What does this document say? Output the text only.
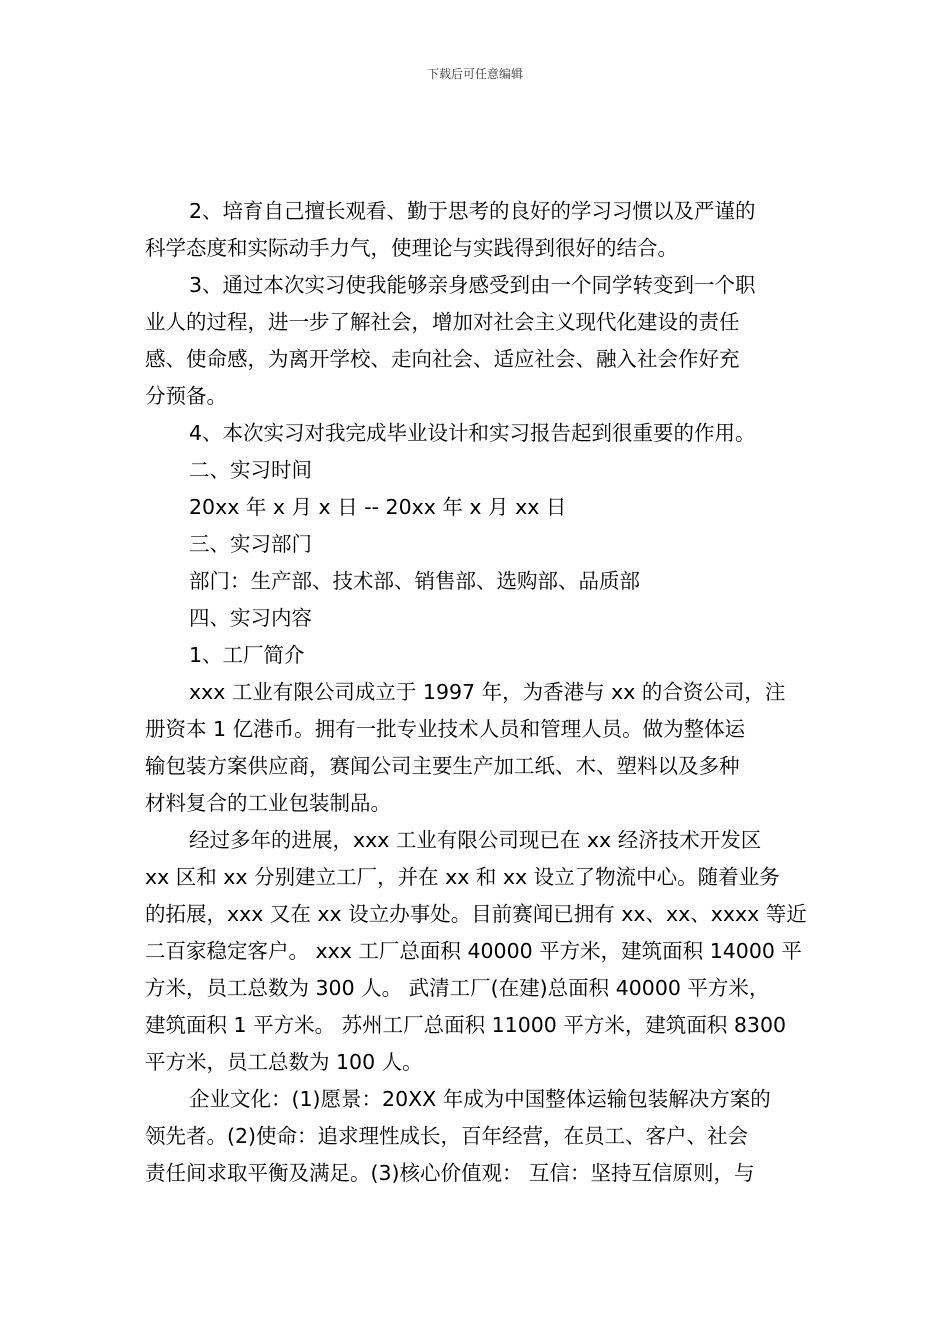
下载后可任意编辑
2、培育自己擅长观看、勤于思考的良好的学习习惯以及严谨的
科学态度和实际动手力气，使理论与实践得到很好的结合。
3、通过本次实习使我能够亲身感受到由一个同学转变到一个职
业人的过程，进一步了解社会，增加对社会主义现代化建设的责任
感、使命感，为离开学校、走向社会、适应社会、融入社会作好充
分预备。
4、本次实习对我完成毕业设计和实习报告起到很重要的作用。
二、实习时间
20xx 年 x 月 x 日 -- 20xx 年 x 月 xx 日
三、实习部门
部门：生产部、技术部、销售部、选购部、品质部
四、实习内容
1、工厂简介
xxx 工业有限公司成立于 1997 年，为香港与 xx 的合资公司，注
册资本 1 亿港币。拥有一批专业技术人员和管理人员。做为整体运
输包装方案供应商，赛闻公司主要生产加工纸、木、塑料以及多种
材料复合的工业包装制品。
经过多年的进展，xxx 工业有限公司现已在 xx 经济技术开发区
xx 区和 xx 分别建立工厂，并在 xx 和 xx 设立了物流中心。随着业务
的拓展，xxx 又在 xx 设立办事处。目前赛闻已拥有 xx、xx、xxxx 等近
二百家稳定客户。 xxx 工厂总面积 40000 平方米，建筑面积 14000 平
方米，员工总数为 300 人。 武清工厂(在建)总面积 40000 平方米，
建筑面积 1 平方米。 苏州工厂总面积 11000 平方米，建筑面积 8300
平方米，员工总数为 100 人。
企业文化：(1)愿景：20XX 年成为中国整体运输包装解决方案的
领先者。(2)使命：追求理性成长，百年经营，在员工、客户、社会
责任间求取平衡及满足。(3)核心价值观： 互信：坚持互信原则，与
